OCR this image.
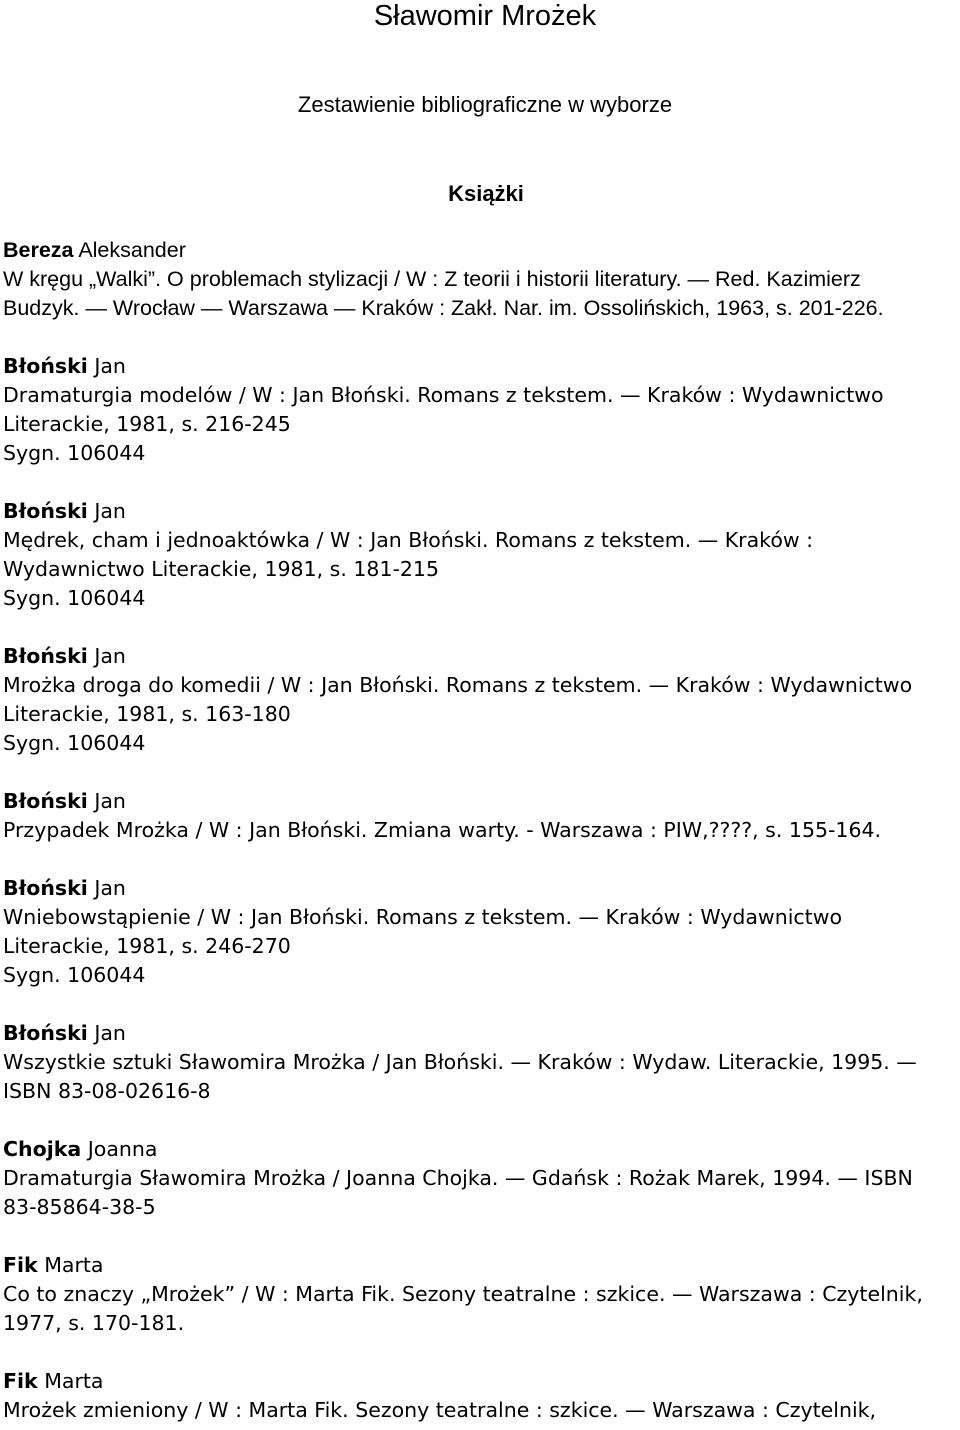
Sławomir Mrożek
Zestawienie bibliograficzne w wyborze
Książki
Bereza Aleksander
W kręgu „Walki”. O problemach stylizacji / W : Z teorii i historii literatury. — Red. Kazimierz
Budzyk. — Wrocław — Warszawa — Kraków : Zakł. Nar. im. Ossolińskich, 1963, s. 201-226.
Błoński Jan
Dramaturgia modelów / W : Jan Błoński. Romans z tekstem. — Kraków : Wydawnictwo
Literackie, 1981, s. 216-245
Sygn. 106044
Błoński Jan
Mędrek, cham i jednoaktówka / W : Jan Błoński. Romans z tekstem. — Kraków :
Wydawnictwo Literackie, 1981, s. 181-215
Sygn. 106044
Błoński Jan
Mrożka droga do komedii / W : Jan Błoński. Romans z tekstem. — Kraków : Wydawnictwo
Literackie, 1981, s. 163-180
Sygn. 106044
Błoński Jan
Przypadek Mrożka / W : Jan Błoński. Zmiana warty. - Warszawa : PIW,????, s. 155-164.
Błoński Jan
Wniebowstąpienie / W : Jan Błoński. Romans z tekstem. — Kraków : Wydawnictwo
Literackie, 1981, s. 246-270
Sygn. 106044
Błoński Jan
Wszystkie sztuki Sławomira Mrożka / Jan Błoński. — Kraków : Wydaw. Literackie, 1995. —
ISBN 83-08-02616-8
Chojka Joanna
Dramaturgia Sławomira Mrożka / Joanna Chojka. — Gdańsk : Rożak Marek, 1994. — ISBN
83-85864-38-5
Fik Marta
Co to znaczy „Mrożek” / W : Marta Fik. Sezony teatralne : szkice. — Warszawa : Czytelnik,
1977, s. 170-181.
Fik Marta
Mrożek zmieniony / W : Marta Fik. Sezony teatralne : szkice. — Warszawa : Czytelnik,
